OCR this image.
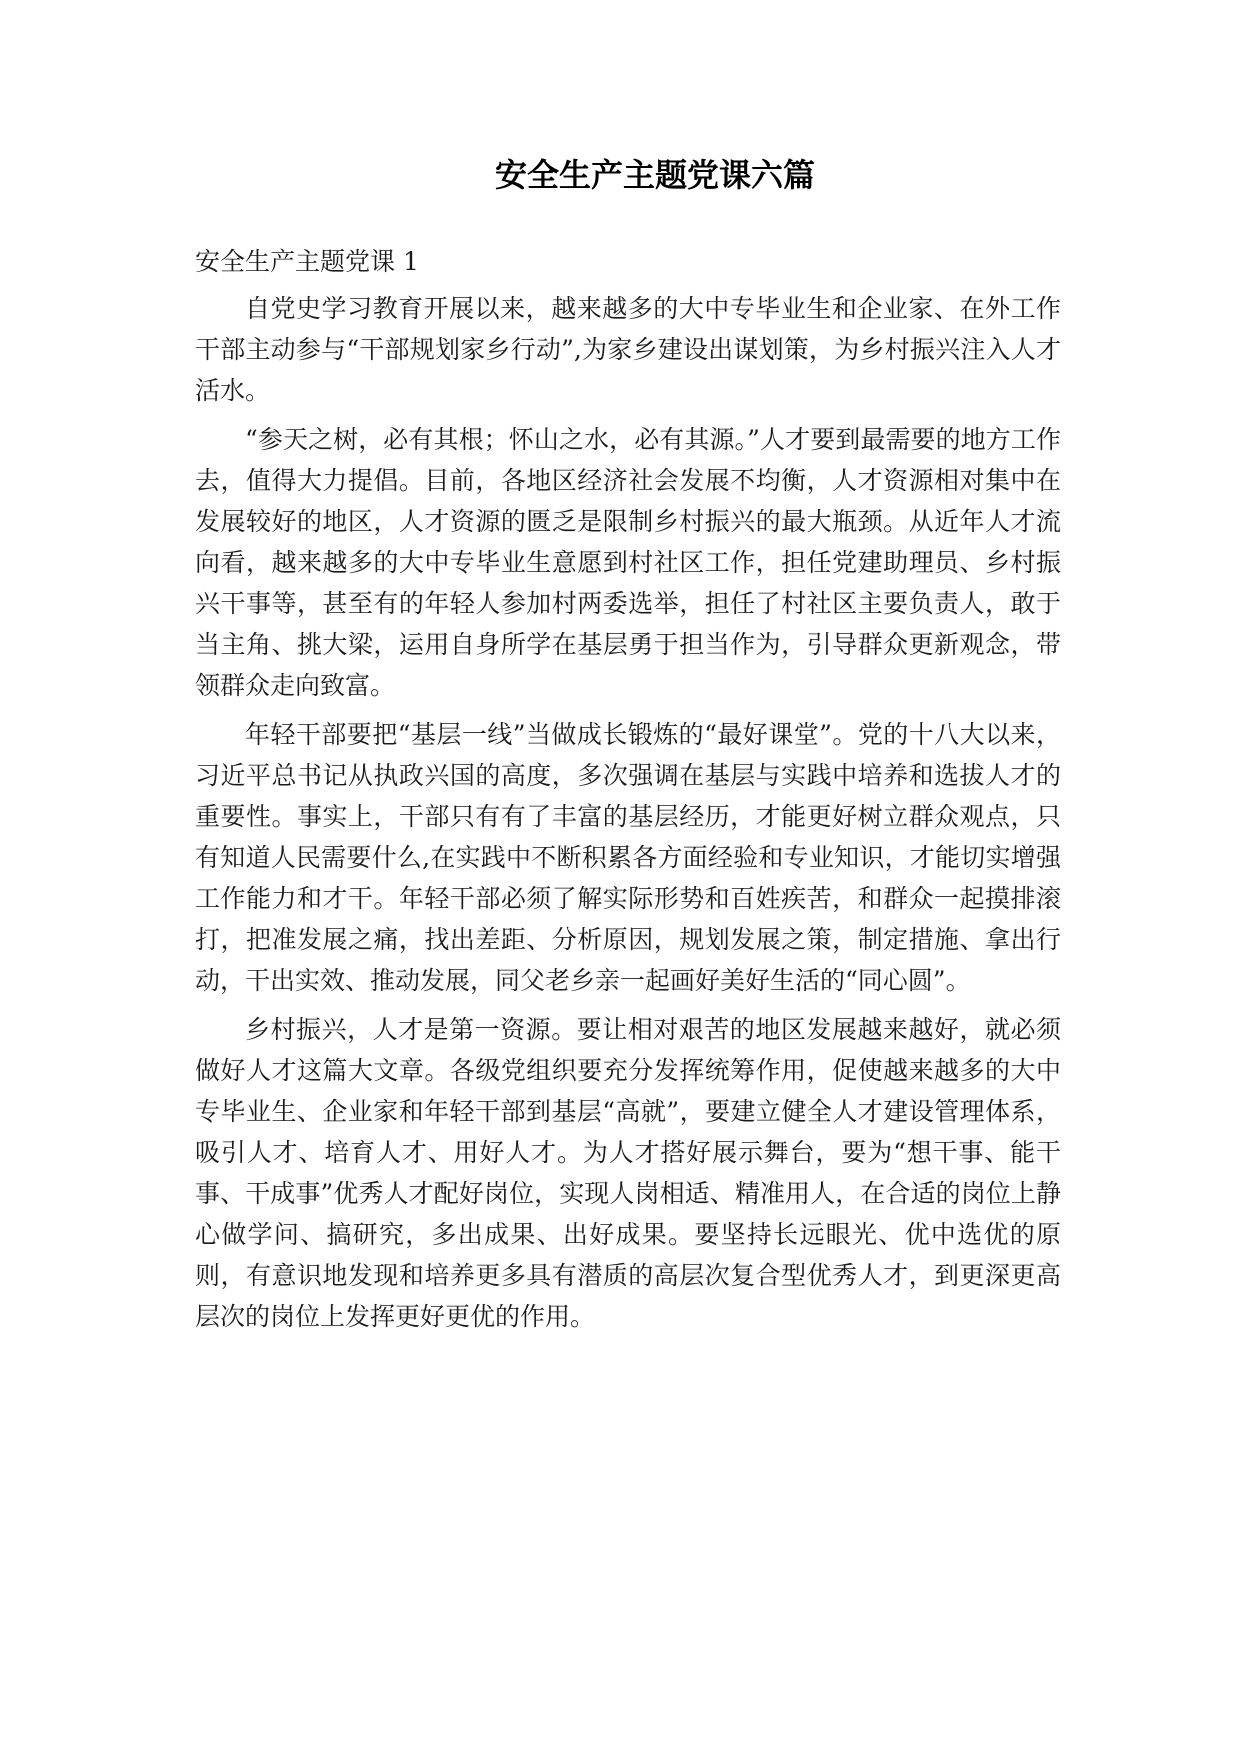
安全生产主题党课六篇

安全生产主题党课 1

自党史学习教育开展以来，越来越多的大中专毕业生和企业家、在外工作干部主动参与“干部规划家乡行动”,为家乡建设出谋划策，为乡村振兴注入人才活水。

“参天之树，必有其根；怀山之水，必有其源。”人才要到最需要的地方工作去，值得大力提倡。目前，各地区经济社会发展不均衡，人才资源相对集中在发展较好的地区，人才资源的匮乏是限制乡村振兴的最大瓶颈。从近年人才流向看，越来越多的大中专毕业生意愿到村社区工作，担任党建助理员、乡村振兴干事等，甚至有的年轻人参加村两委选举，担任了村社区主要负责人，敢于当主角、挑大梁，运用自身所学在基层勇于担当作为，引导群众更新观念，带领群众走向致富。

年轻干部要把“基层一线”当做成长锻炼的“最好课堂”。党的十八大以来，习近平总书记从执政兴国的高度，多次强调在基层与实践中培养和选拔人才的重要性。事实上，干部只有有了丰富的基层经历，才能更好树立群众观点，只有知道人民需要什么,在实践中不断积累各方面经验和专业知识，才能切实增强工作能力和才干。年轻干部必须了解实际形势和百姓疾苦，和群众一起摸排滚打，把准发展之痛，找出差距、分析原因，规划发展之策，制定措施、拿出行动，干出实效、推动发展，同父老乡亲一起画好美好生活的“同心圆”。

乡村振兴，人才是第一资源。要让相对艰苦的地区发展越来越好，就必须做好人才这篇大文章。各级党组织要充分发挥统筹作用，促使越来越多的大中专毕业生、企业家和年轻干部到基层“高就”，要建立健全人才建设管理体系，吸引人才、培育人才、用好人才。为人才搭好展示舞台，要为“想干事、能干事、干成事”优秀人才配好岗位，实现人岗相适、精准用人，在合适的岗位上静心做学问、搞研究，多出成果、出好成果。要坚持长远眼光、优中选优的原则，有意识地发现和培养更多具有潜质的高层次复合型优秀人才，到更深更高层次的岗位上发挥更好更优的作用。
